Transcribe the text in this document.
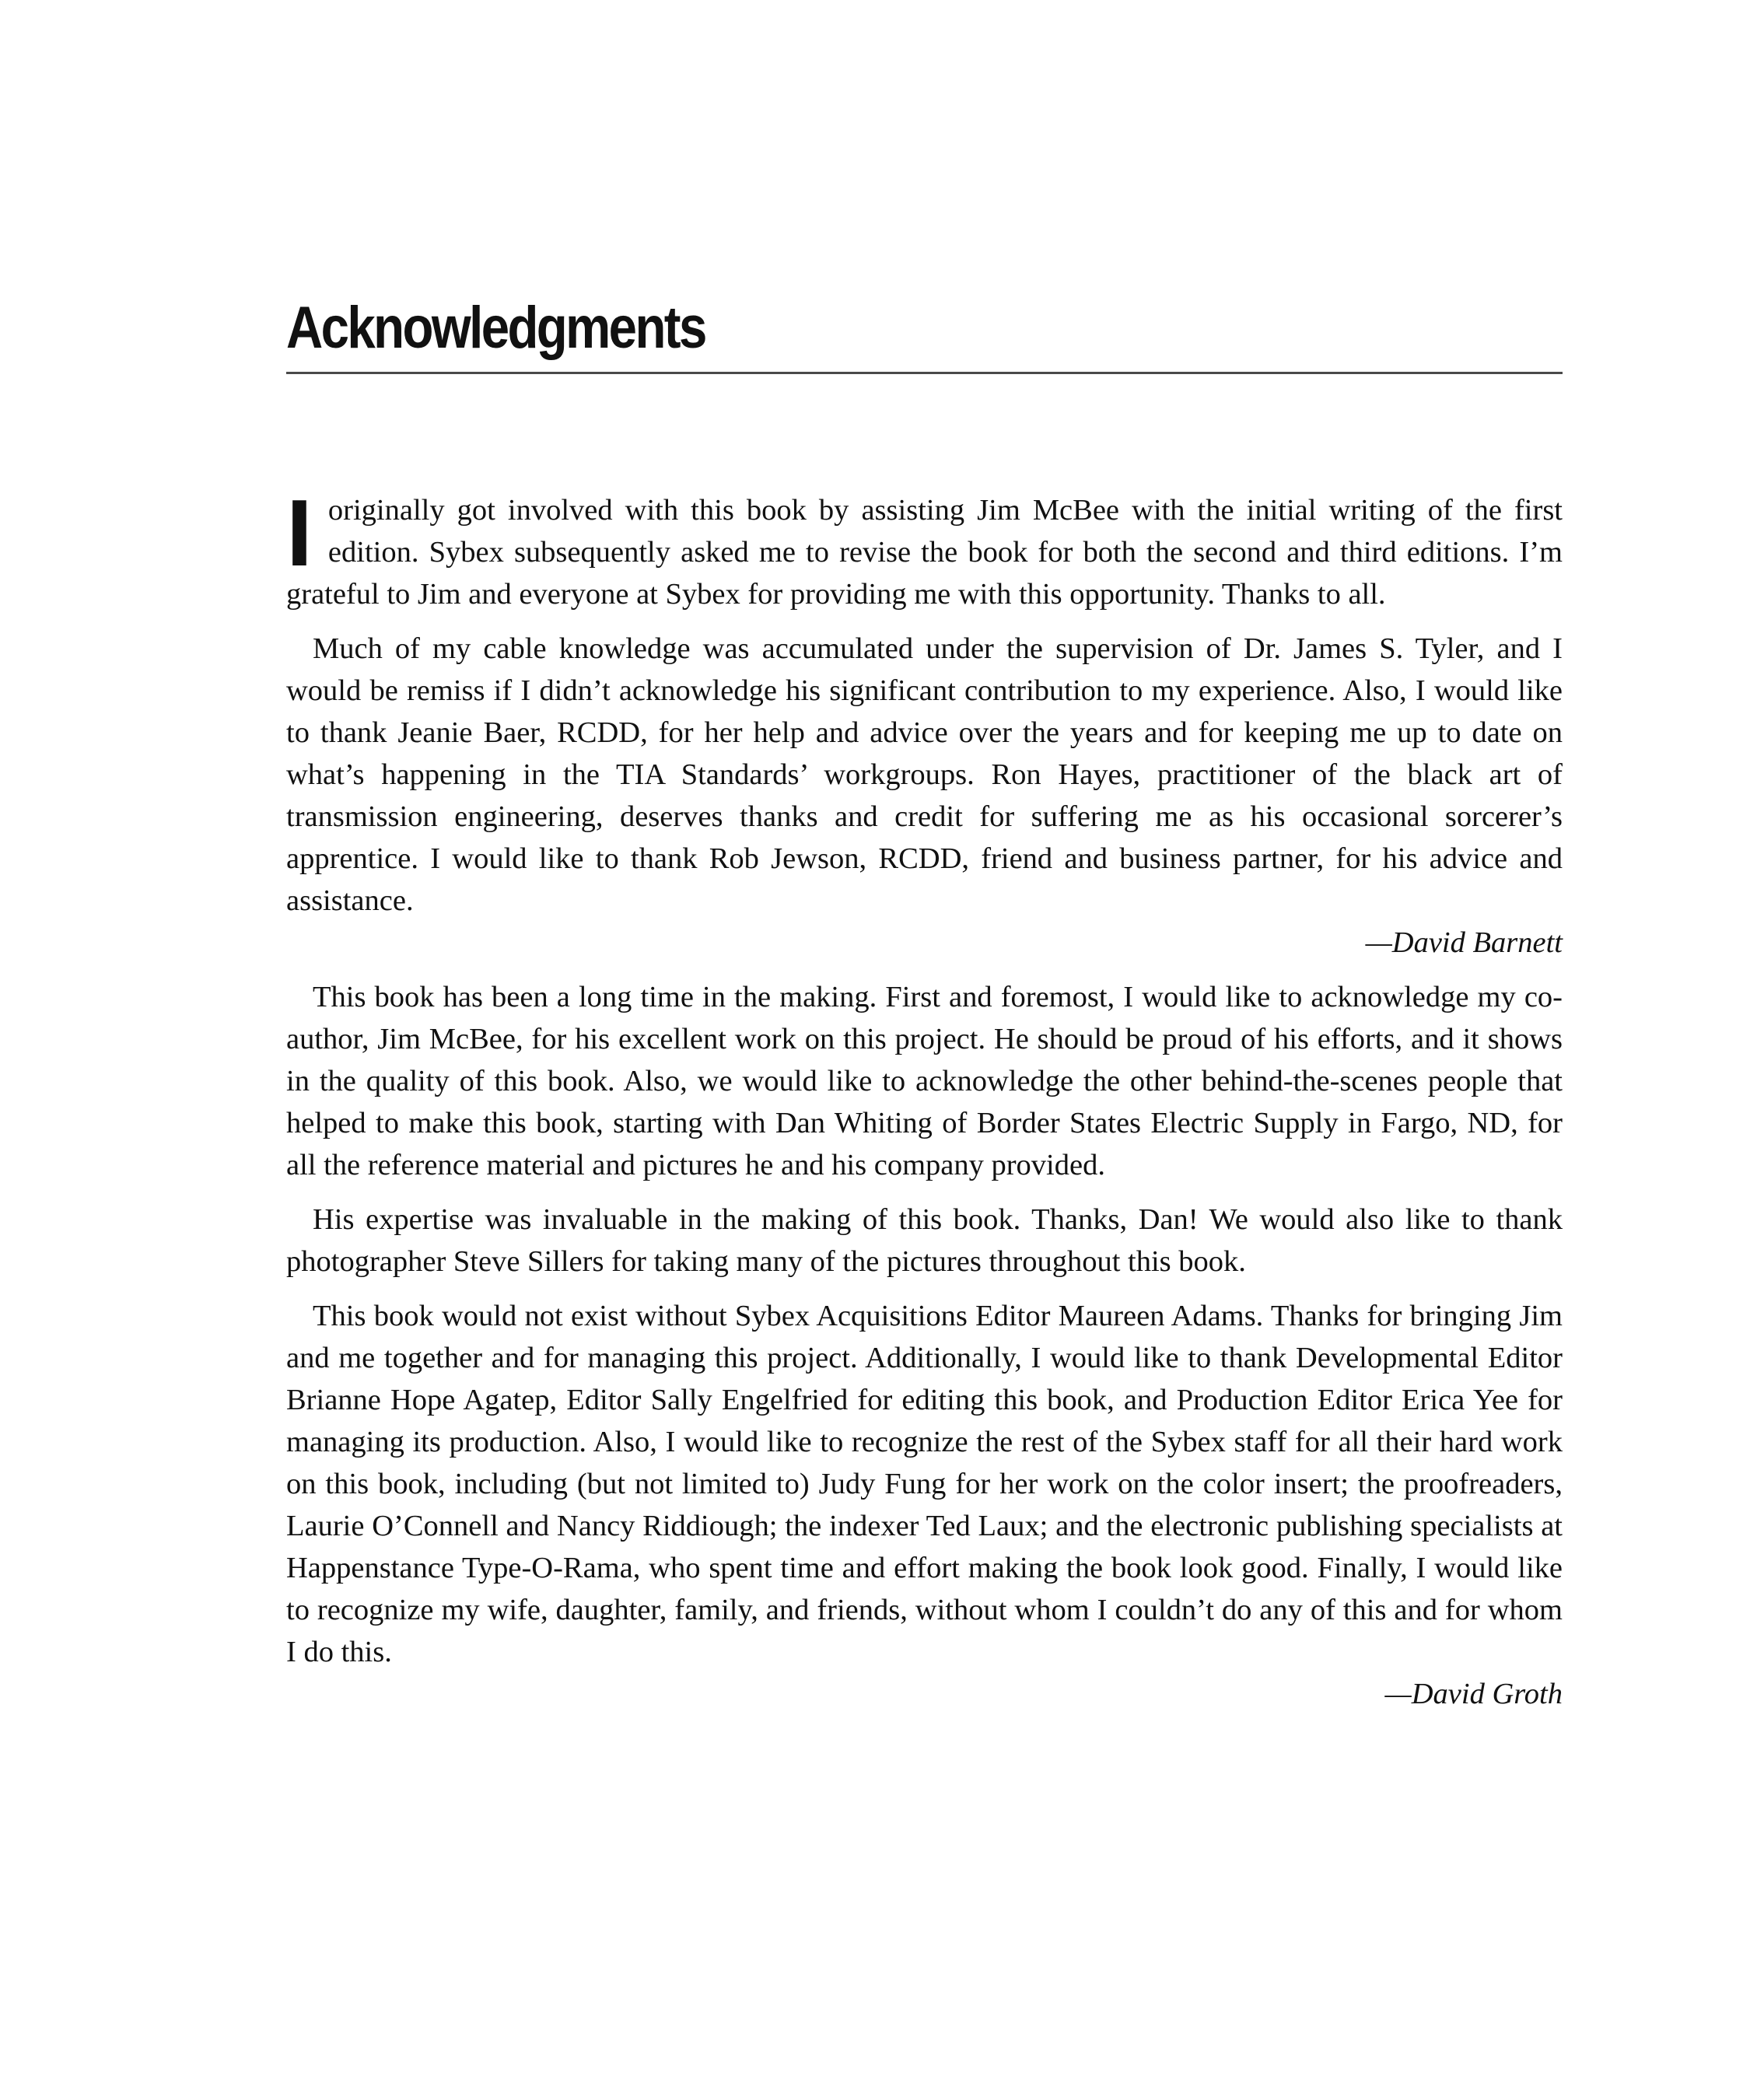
Acknowledgments

Ioriginally got involved with this book by assisting Jim McBee with the initial writing of the first edition. Sybex subsequently asked me to revise the book for both the second and third editions. I’m grateful to Jim and everyone at Sybex for providing me with this opportunity. Thanks to all.

Much of my cable knowledge was accumulated under the supervision of Dr. James S. Tyler, and I would be remiss if I didn’t acknowledge his significant contribution to my experience. Also, I would like to thank Jeanie Baer, RCDD, for her help and advice over the years and for keeping me up to date on what’s happening in the TIA Standards’ workgroups. Ron Hayes, practitioner of the black art of transmission engineering, deserves thanks and credit for suffering me as his occasional sorcerer’s apprentice. I would like to thank Rob Jewson, RCDD, friend and business partner, for his advice and assistance.

—David Barnett

This book has been a long time in the making. First and foremost, I would like to acknowledge my co-author, Jim McBee, for his excellent work on this project. He should be proud of his efforts, and it shows in the quality of this book. Also, we would like to acknowledge the other behind-the-scenes people that helped to make this book, starting with Dan Whiting of Border States Electric Supply in Fargo, ND, for all the reference material and pictures he and his company provided.

His expertise was invaluable in the making of this book. Thanks, Dan! We would also like to thank photographer Steve Sillers for taking many of the pictures throughout this book.

This book would not exist without Sybex Acquisitions Editor Maureen Adams. Thanks for bringing Jim and me together and for managing this project. Additionally, I would like to thank Developmental Editor Brianne Hope Agatep, Editor Sally Engelfried for editing this book, and Production Editor Erica Yee for managing its production. Also, I would like to recognize the rest of the Sybex staff for all their hard work on this book, including (but not limited to) Judy Fung for her work on the color insert; the proofreaders, Laurie O’Connell and Nancy Riddiough; the indexer Ted Laux; and the electronic publishing specialists at Happenstance Type-O-Rama, who spent time and effort making the book look good. Finally, I would like to recognize my wife, daughter, family, and friends, without whom I couldn’t do any of this and for whom I do this.

—David Groth
